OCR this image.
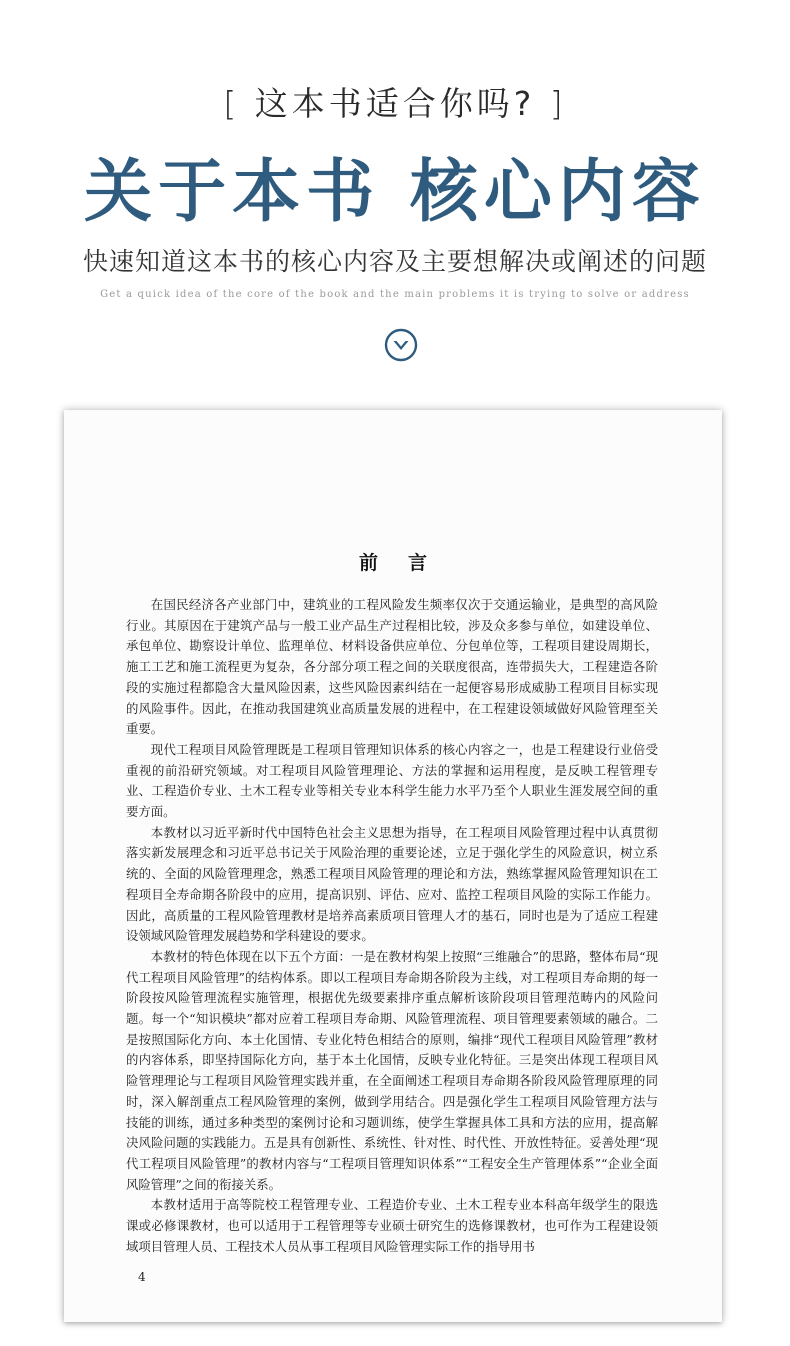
[ 这本书适合你吗? ]
关于本书 核心内容
快速知道这本书的核心内容及主要想解决或阐述的问题
Get a quick idea of the core of the book and the main problems it is trying to solve or address
前言

在国民经济各产业部门中，建筑业的工程风险发生频率仅次于交通运输业，是典型的高风险行业。其原因在于建筑产品与一般工业产品生产过程相比较，涉及众多参与单位，如建设单位、承包单位、勘察设计单位、监理单位、材料设备供应单位、分包单位等，工程项目建设周期长，施工工艺和施工流程更为复杂，各分部分项工程之间的关联度很高，连带损失大，工程建造各阶段的实施过程都隐含大量风险因素，这些风险因素纠结在一起便容易形成威胁工程项目目标实现的风险事件。因此，在推动我国建筑业高质量发展的进程中，在工程建设领域做好风险管理至关重要。

现代工程项目风险管理既是工程项目管理知识体系的核心内容之一，也是工程建设行业倍受重视的前沿研究领域。对工程项目风险管理理论、方法的掌握和运用程度，是反映工程管理专业、工程造价专业、土木工程专业等相关专业本科学生能力水平乃至个人职业生涯发展空间的重要方面。

本教材以习近平新时代中国特色社会主义思想为指导，在工程项目风险管理过程中认真贯彻落实新发展理念和习近平总书记关于风险治理的重要论述，立足于强化学生的风险意识，树立系统的、全面的风险管理理念，熟悉工程项目风险管理的理论和方法，熟练掌握风险管理知识在工程项目全寿命期各阶段中的应用，提高识别、评估、应对、监控工程项目风险的实际工作能力。因此，高质量的工程风险管理教材是培养高素质项目管理人才的基石，同时也是为了适应工程建设领域风险管理发展趋势和学科建设的要求。

本教材的特色体现在以下五个方面：一是在教材构架上按照“三维融合”的思路，整体布局“现代工程项目风险管理”的结构体系。即以工程项目寿命期各阶段为主线，对工程项目寿命期的每一阶段按风险管理流程实施管理，根据优先级要素排序重点解析该阶段项目管理范畴内的风险问题。每一个“知识模块”都对应着工程项目寿命期、风险管理流程、项目管理要素领域的融合。二是按照国际化方向、本土化国情、专业化特色相结合的原则，编排“现代工程项目风险管理”教材的内容体系，即坚持国际化方向，基于本土化国情，反映专业化特征。三是突出体现工程项目风险管理理论与工程项目风险管理实践并重，在全面阐述工程项目寿命期各阶段风险管理原理的同时，深入解剖重点工程风险管理的案例，做到学用结合。四是强化学生工程项目风险管理方法与技能的训练，通过多种类型的案例讨论和习题训练，使学生掌握具体工具和方法的应用，提高解决风险问题的实践能力。五是具有创新性、系统性、针对性、时代性、开放性特征。妥善处理“现代工程项目风险管理”的教材内容与“工程项目管理知识体系”“工程安全生产管理体系”“企业全面风险管理”之间的衔接关系。

本教材适用于高等院校工程管理专业、工程造价专业、土木工程专业本科高年级学生的限选课或必修课教材，也可以适用于工程管理等专业硕士研究生的选修课教材，也可作为工程建设领域项目管理人员、工程技术人员从事工程项目风险管理实际工作的指导用书

4
